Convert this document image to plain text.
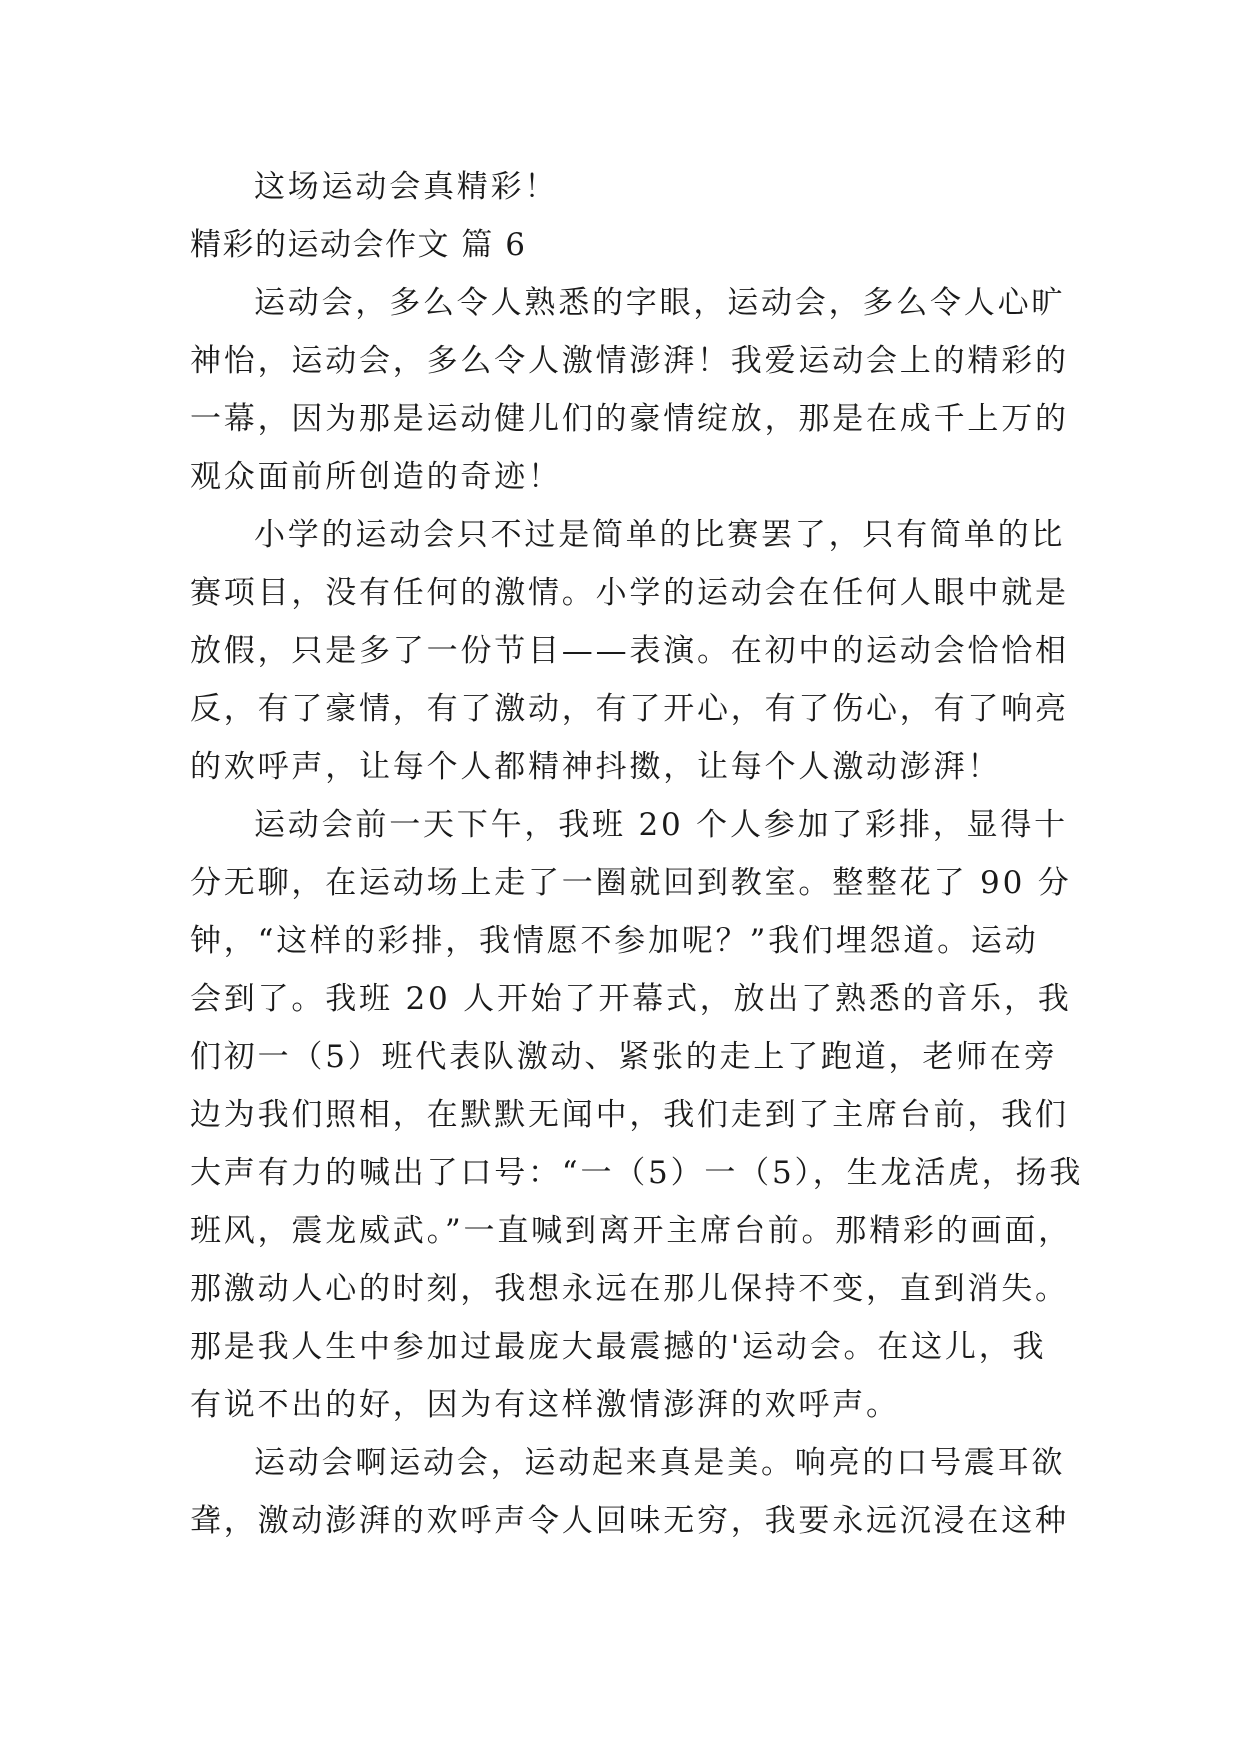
这场运动会真精彩！
精彩的运动会作文 篇 6
运动会，多么令人熟悉的字眼，运动会，多么令人心旷
神怡，运动会，多么令人激情澎湃！我爱运动会上的精彩的
一幕，因为那是运动健儿们的豪情绽放，那是在成千上万的
观众面前所创造的奇迹！
小学的运动会只不过是简单的比赛罢了，只有简单的比
赛项目，没有任何的激情。小学的运动会在任何人眼中就是
放假，只是多了一份节目——表演。在初中的运动会恰恰相
反，有了豪情，有了激动，有了开心，有了伤心，有了响亮
的欢呼声，让每个人都精神抖擞，让每个人激动澎湃！
运动会前一天下午，我班 20 个人参加了彩排，显得十
分无聊，在运动场上走了一圈就回到教室。整整花了 90 分
钟，“这样的彩排，我情愿不参加呢？”我们埋怨道。运动
会到了。我班 20 人开始了开幕式，放出了熟悉的音乐，我
们初一（5）班代表队激动、紧张的走上了跑道，老师在旁
边为我们照相，在默默无闻中，我们走到了主席台前，我们
大声有力的喊出了口号：“一（5）一（5），生龙活虎，扬我
班风，震龙威武。”一直喊到离开主席台前。那精彩的画面，
那激动人心的时刻，我想永远在那儿保持不变，直到消失。
那是我人生中参加过最庞大最震撼的'运动会。在这儿，我
有说不出的好，因为有这样激情澎湃的欢呼声。
运动会啊运动会，运动起来真是美。响亮的口号震耳欲
聋，激动澎湃的欢呼声令人回味无穷，我要永远沉浸在这种
